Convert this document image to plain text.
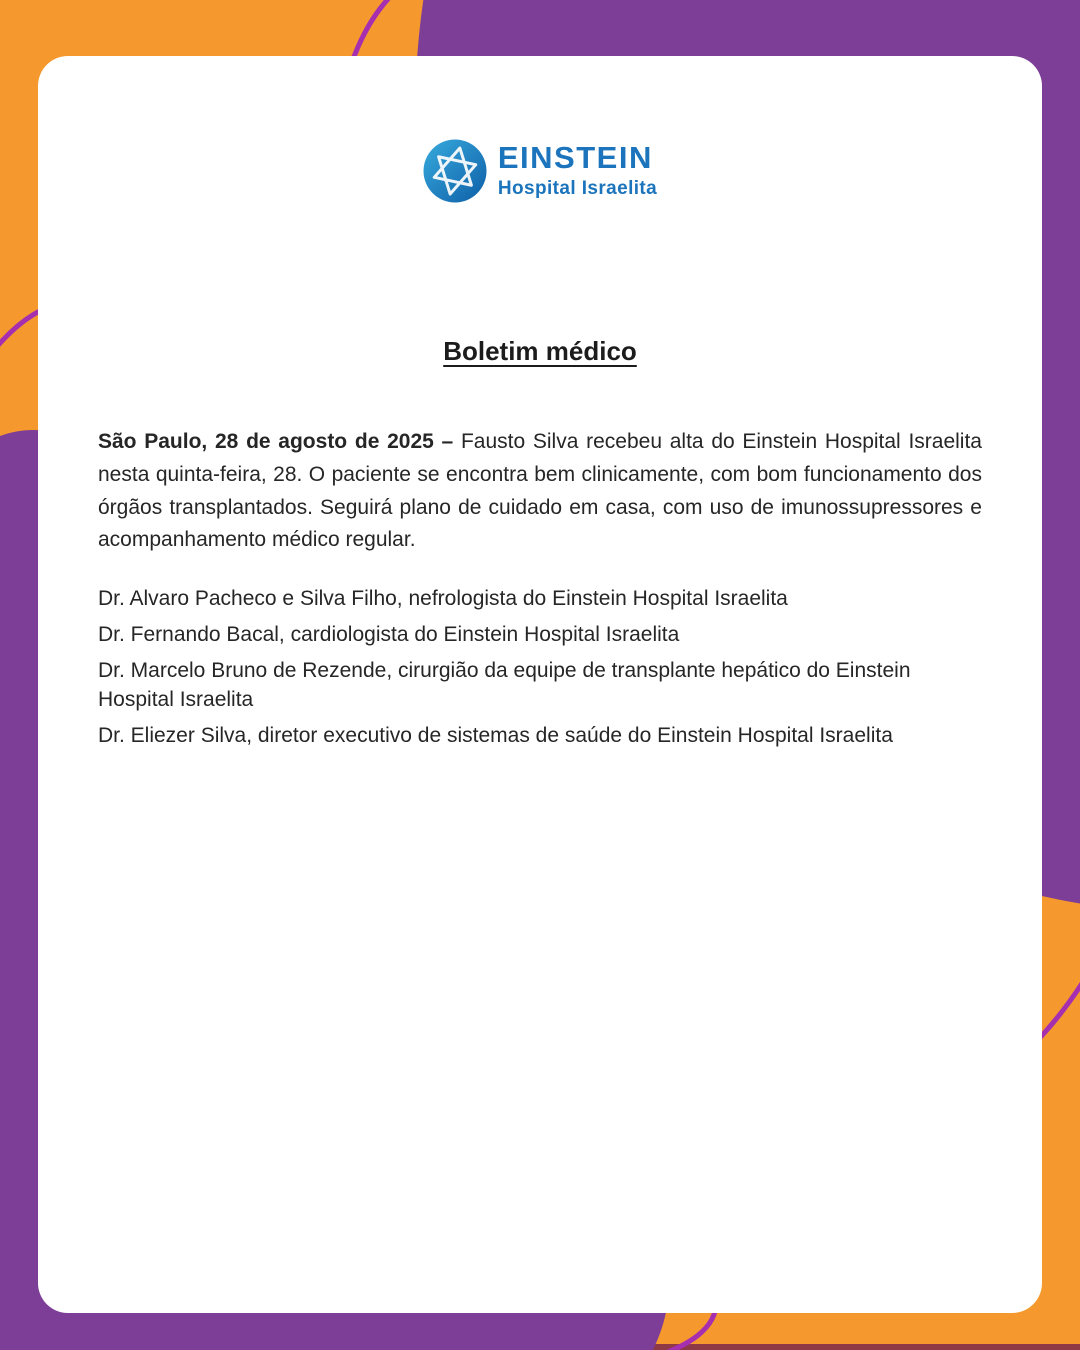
EINSTEIN
Hospital Israelita
Boletim médico

São Paulo, 28 de agosto de 2025 – Fausto Silva recebeu alta do Einstein Hospital Israelita nesta quinta-feira, 28. O paciente se encontra bem clinicamente, com bom funcionamento dos órgãos transplantados. Seguirá plano de cuidado em casa, com uso de imunossupressores e acompanhamento médico regular.

Dr. Alvaro Pacheco e Silva Filho, nefrologista do Einstein Hospital Israelita

Dr. Fernando Bacal, cardiologista do Einstein Hospital Israelita

Dr. Marcelo Bruno de Rezende, cirurgião da equipe de transplante hepático do Einstein Hospital Israelita

Dr. Eliezer Silva, diretor executivo de sistemas de saúde do Einstein Hospital Israelita
